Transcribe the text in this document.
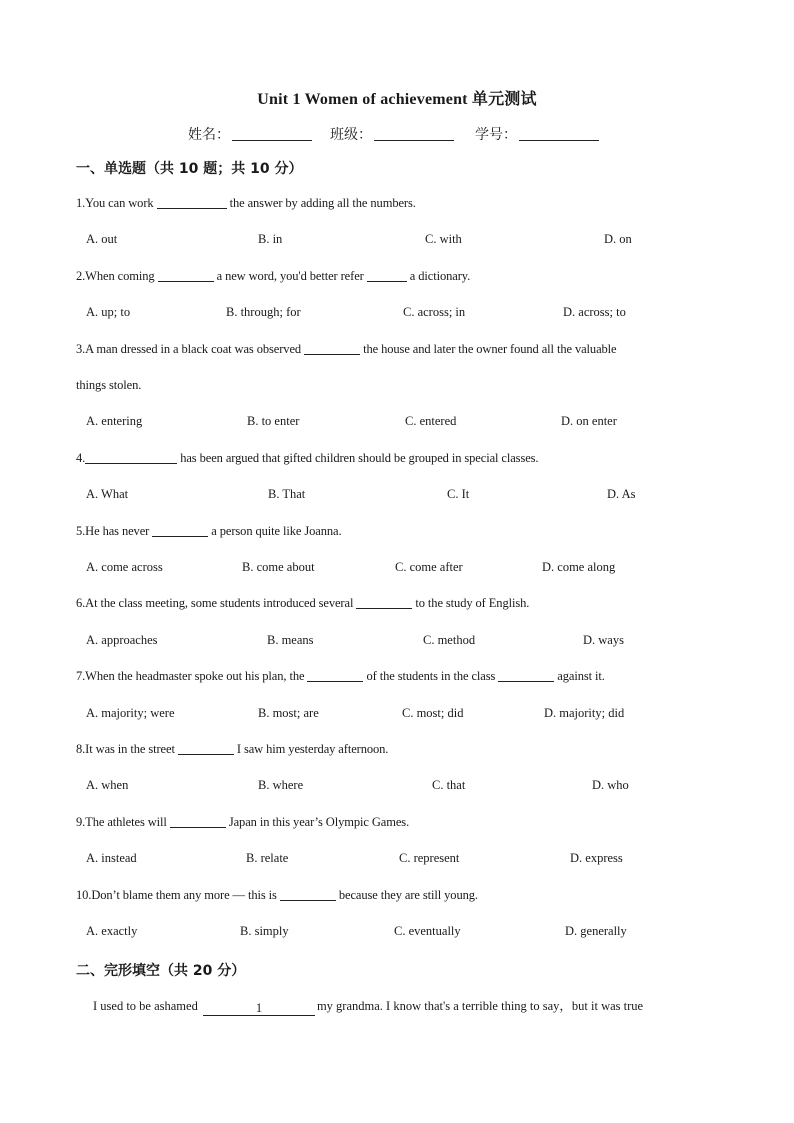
Unit 1 Women of achievement 单元测试
姓名：	班级：	学号：
一、单选题（共 10 题；共 10 分）
1.You can work	the answer by adding all the numbers.
A. out	B. in	C. with	D. on
2.When coming	a new word, you'd better refer	a dictionary.
A. up; to	B. through; for	C. across; in	D. across; to
3.A man dressed in a black coat was observed	the house and later the owner found all the valuable
things stolen.
A. entering	B. to enter	C. entered	D. on enter
4.	has been argued that gifted children should be grouped in special classes.
A. What	B. That	C. It	D. As
5.He has never	a person quite like Joanna.
A. come across	B. come about	C. come after	D. come along
6.At the class meeting, some students introduced several	to the study of English.
A. approaches	B. means	C. method	D. ways
7.When the headmaster spoke out his plan, the	of the students in the class	against it.
A. majority; were	B. most; are	C. most; did	D. majority; did
8.It was in the street	I saw him yesterday afternoon.
A. when	B. where	C. that	D. who
9.The athletes will	Japan in this year’s Olympic Games.
A. instead	B. relate	C. represent	D. express
10.Don’t blame them any more — this is	because they are still young.
A. exactly	B. simply	C. eventually	D. generally
二、完形填空（共 20 分）
I used to be ashamed	1	my grandma. I know that's a terrible thing to say，but it was true
